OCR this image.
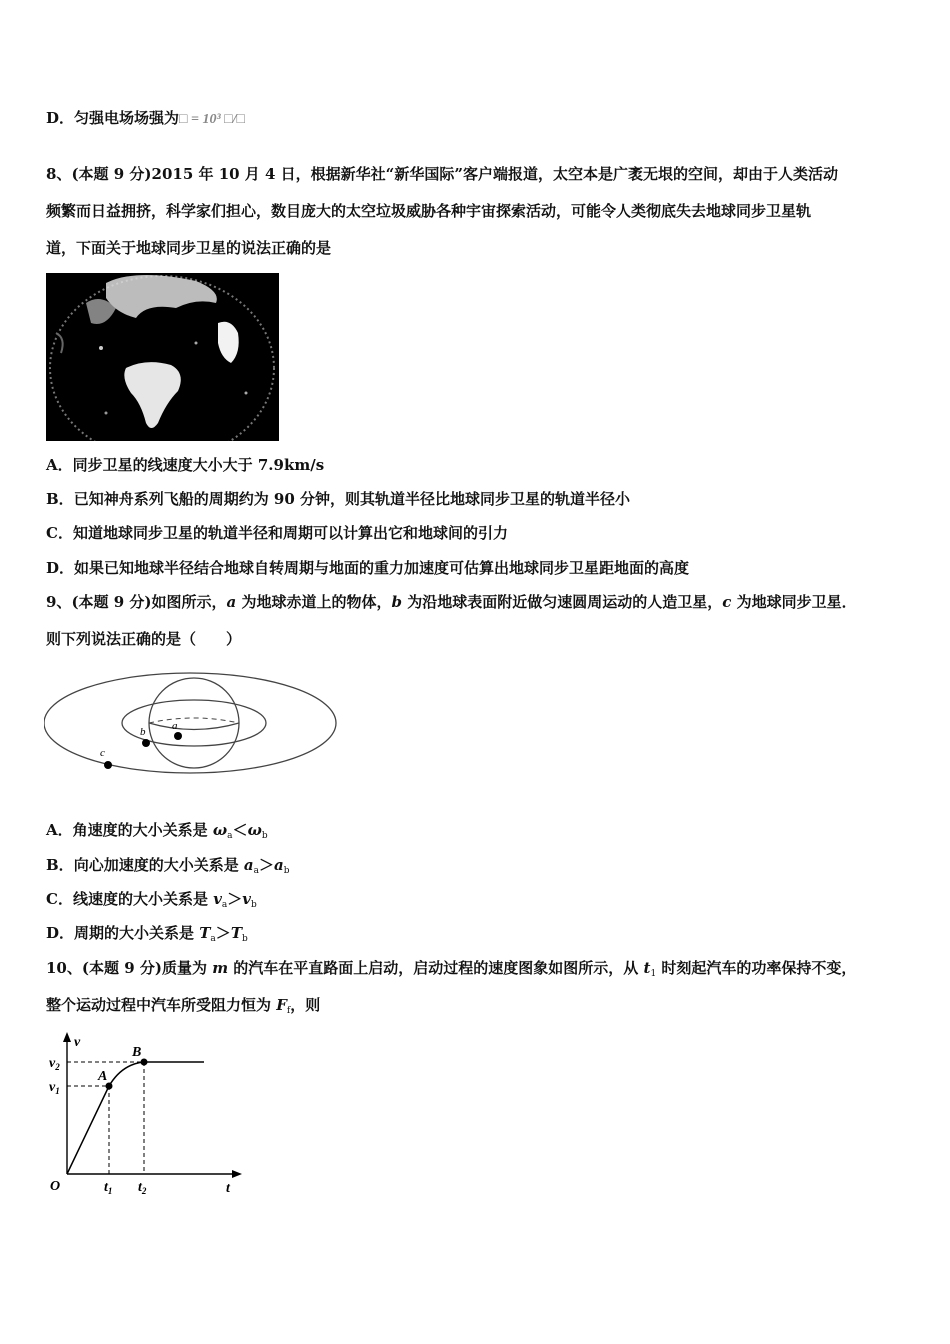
D．匀强电场场强为□ = 10³ □/□
8、(本题 9 分)2015 年 10 月 4 日，根据新华社“新华国际”客户端报道，太空本是广袤无垠的空间，却由于人类活动
频繁而日益拥挤，科学家们担心，数目庞大的太空垃圾威胁各种宇宙探索活动，可能令人类彻底失去地球同步卫星轨
道，下面关于地球同步卫星的说法正确的是
A．同步卫星的线速度大小大于 7.9km/s
B．已知神舟系列飞船的周期约为 90 分钟，则其轨道半径比地球同步卫星的轨道半径小
C．知道地球同步卫星的轨道半径和周期可以计算出它和地球间的引力
D．如果已知地球半径结合地球自转周期与地面的重力加速度可估算出地球同步卫星距地面的高度
9、(本题 9 分)如图所示，a 为地球赤道上的物体，b 为沿地球表面附近做匀速圆周运动的人造卫星，c 为地球同步卫星．
则下列说法正确的是（　　）
a
b
c
A．角速度的大小关系是 $\omega_a<\omega_b$
B．向心加速度的大小关系是 $a_a>a_b$
C．线速度的大小关系是 $v_a>v_b$
D．周期的大小关系是 $T_a>T_b$
10、(本题 9 分)质量为 m 的汽车在平直路面上启动，启动过程的速度图象如图所示，从 $t_1$ 时刻起汽车的功率保持不变，
整个运动过程中汽车所受阻力恒为 $F_f$，则
v
t
O
A
B
$v_2$
$v_1$
$t_1$ $t_2$
